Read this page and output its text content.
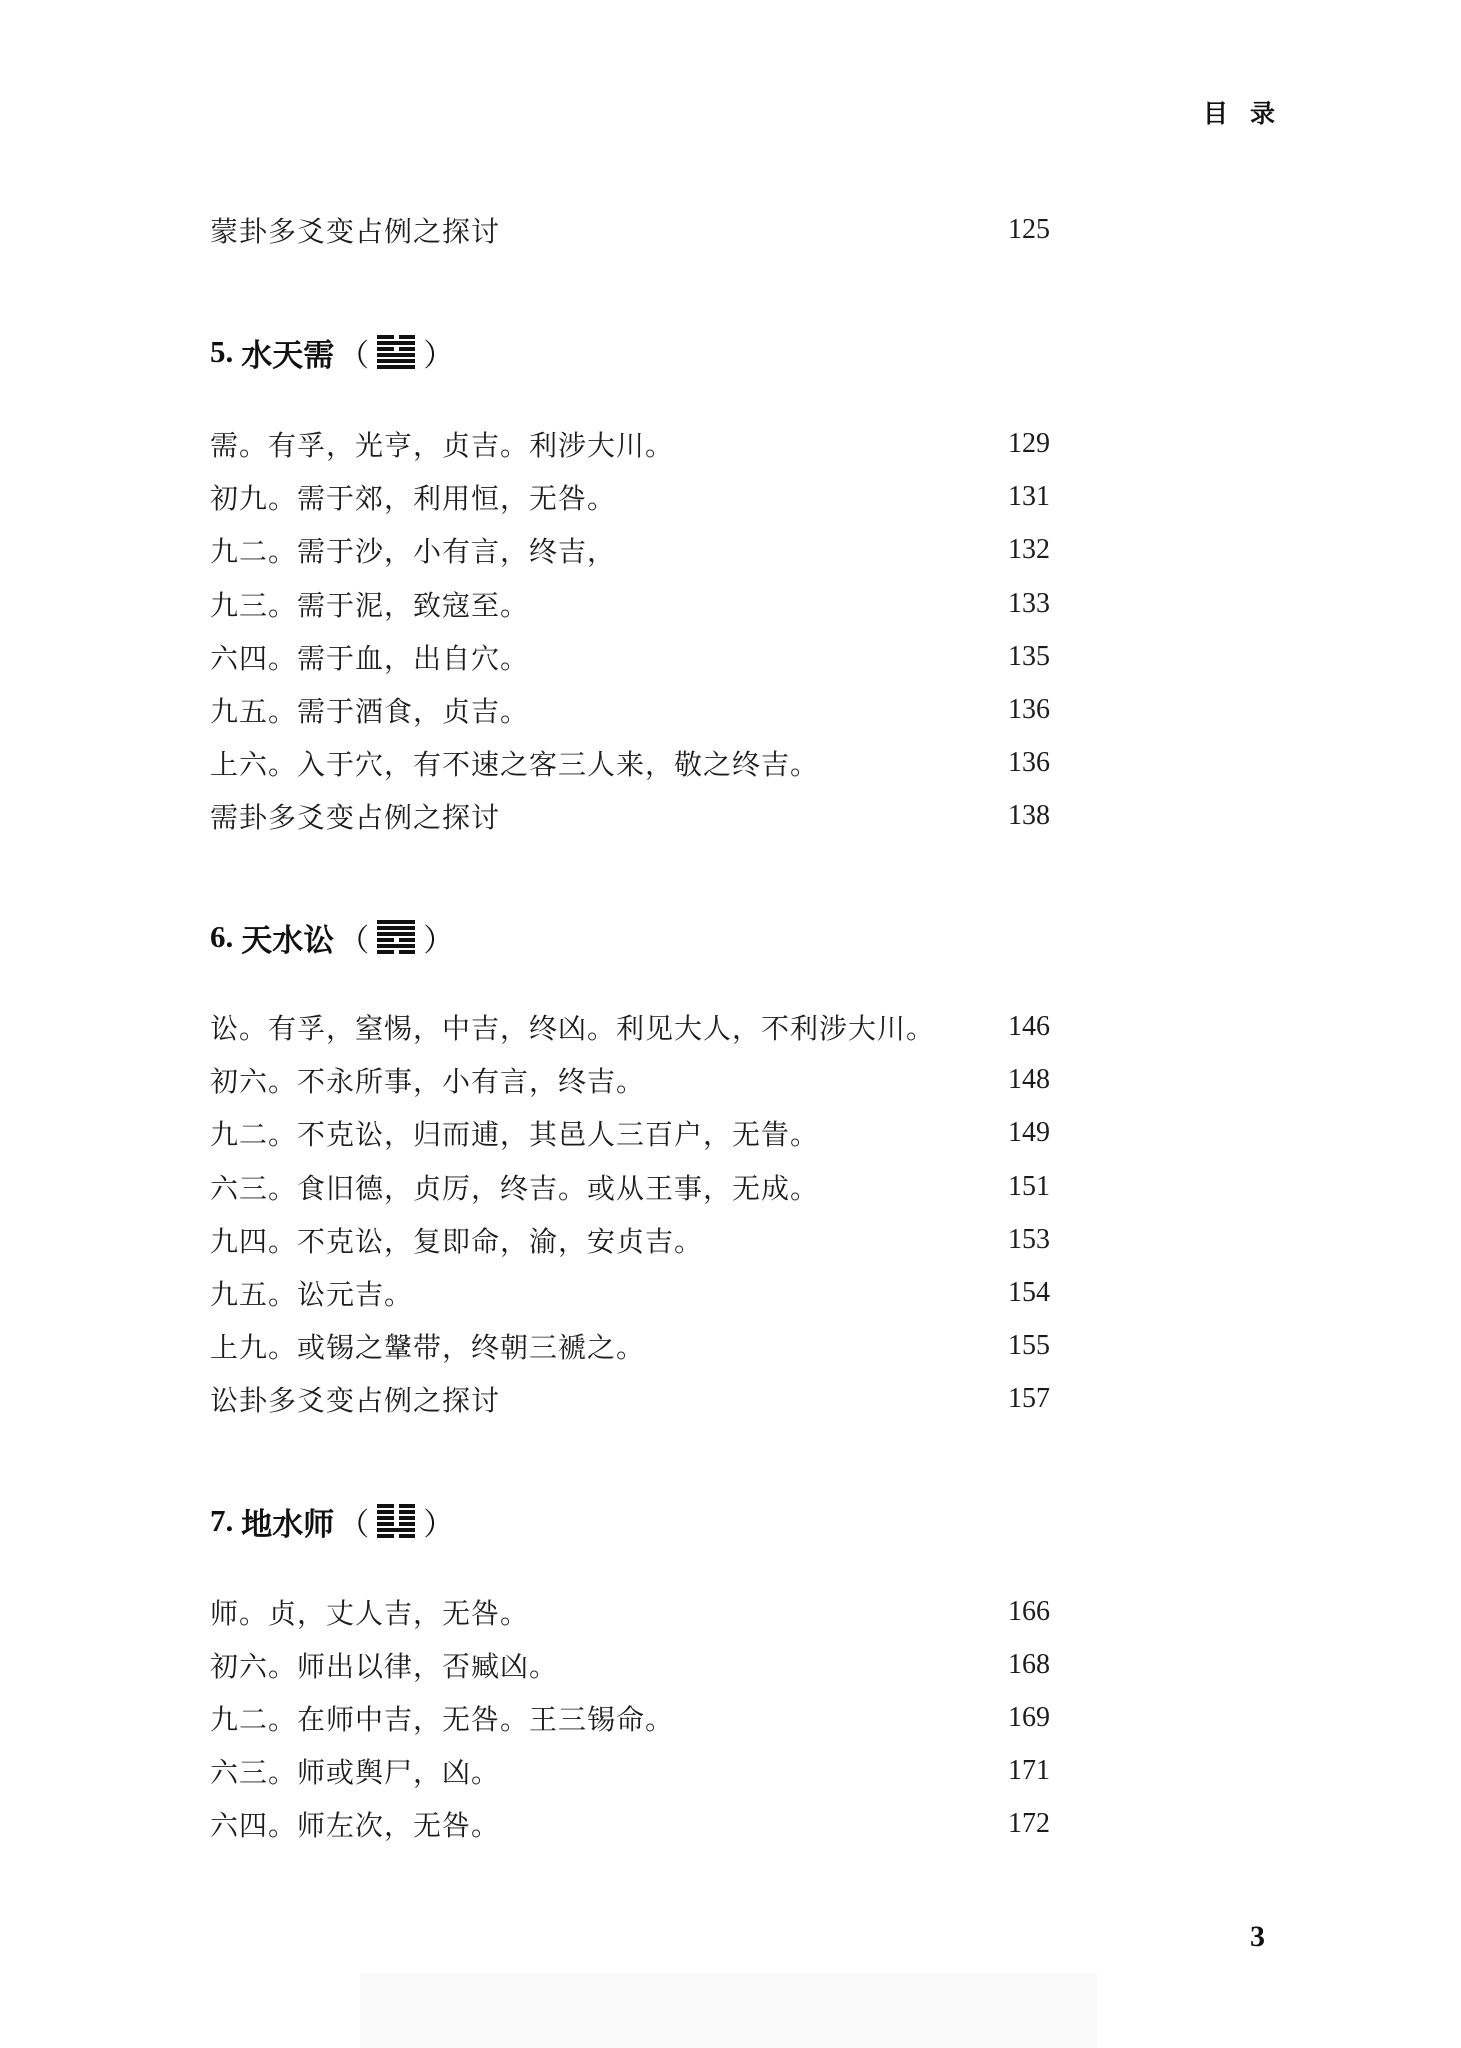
目录
蒙卦多爻变占例之探讨	125
5. 水天需 （ ）
需。有孚，光亨，贞吉。利涉大川。	129
初九。需于郊，利用恒，无咎。	131
九二。需于沙，小有言，终吉，	132
九三。需于泥，致寇至。	133
六四。需于血，出自穴。	135
九五。需于酒食，贞吉。	136
上六。入于穴，有不速之客三人来，敬之终吉。	136
需卦多爻变占例之探讨	138
6. 天水讼 （ ）
讼。有孚，窒惕，中吉，终凶。利见大人，不利涉大川。	146
初六。不永所事，小有言，终吉。	148
九二。不克讼，归而逋，其邑人三百户，无眚。	149
六三。食旧德，贞厉，终吉。或从王事，无成。	151
九四。不克讼，复即命，渝，安贞吉。	153
九五。讼元吉。	154
上九。或锡之鞶带，终朝三褫之。	155
讼卦多爻变占例之探讨	157
7. 地水师 （ ）
师。贞，丈人吉，无咎。	166
初六。师出以律，否臧凶。	168
九二。在师中吉，无咎。王三锡命。	169
六三。师或舆尸，凶。	171
六四。师左次，无咎。	172
3
